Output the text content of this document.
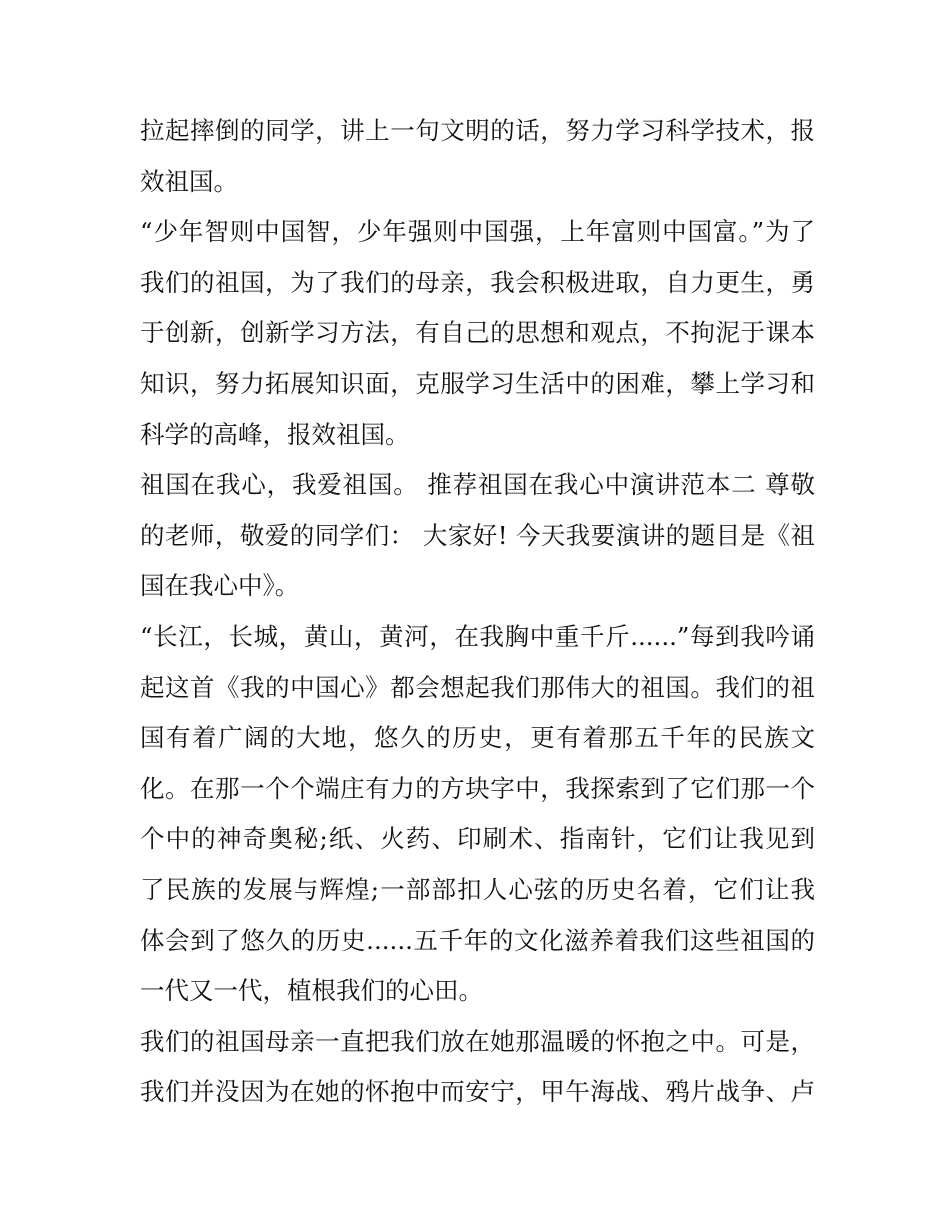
拉起摔倒的同学，讲上一句文明的话，努力学习科学技术，报
效祖国。
“少年智则中国智，少年强则中国强，上年富则中国富。”为了
我们的祖国，为了我们的母亲，我会积极进取，自力更生，勇
于创新，创新学习方法，有自己的思想和观点，不拘泥于课本
知识，努力拓展知识面，克服学习生活中的困难，攀上学习和
科学的高峰，报效祖国。
祖国在我心，我爱祖国。 推荐祖国在我心中演讲范本二 尊敬
的老师，敬爱的同学们： 大家好! 今天我要演讲的题目是《祖
国在我心中》。
“长江，长城，黄山，黄河，在我胸中重千斤......”每到我吟诵
起这首《我的中国心》都会想起我们那伟大的祖国。我们的祖
国有着广阔的大地，悠久的历史，更有着那五千年的民族文
化。在那一个个端庄有力的方块字中，我探索到了它们那一个
个中的神奇奥秘;纸、火药、印刷术、指南针，它们让我见到
了民族的发展与辉煌;一部部扣人心弦的历史名着，它们让我
体会到了悠久的历史......五千年的文化滋养着我们这些祖国的
一代又一代，植根我们的心田。
我们的祖国母亲一直把我们放在她那温暖的怀抱之中。可是，
我们并没因为在她的怀抱中而安宁，甲午海战、鸦片战争、卢
